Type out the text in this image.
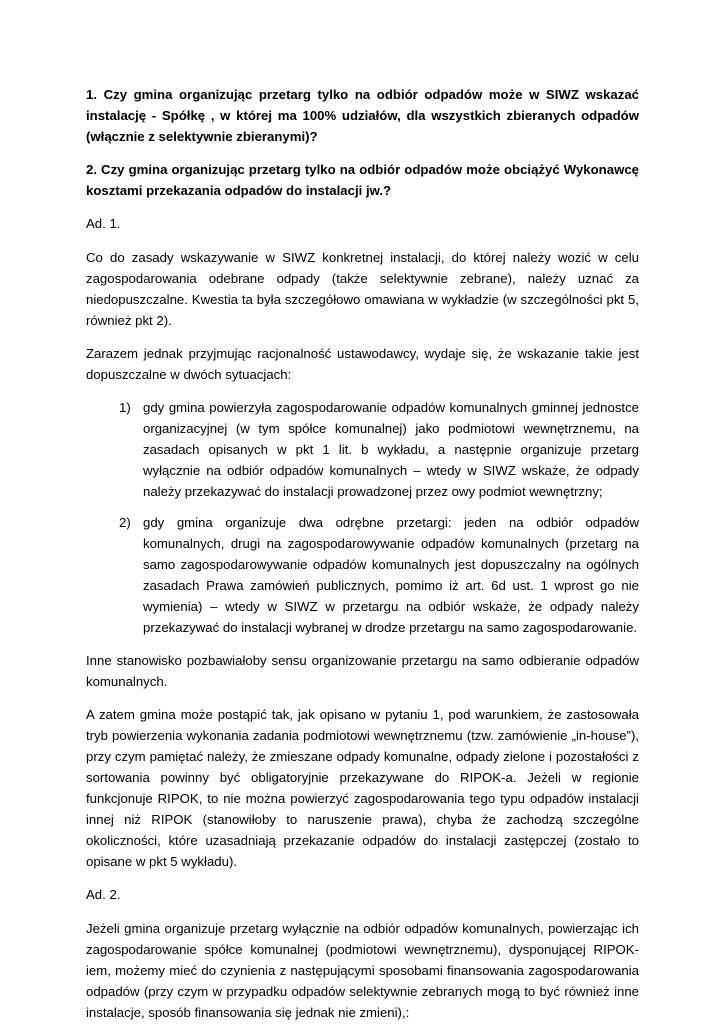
1. Czy gmina organizując przetarg tylko na odbiór odpadów może w SIWZ wskazać instalację - Spółkę , w której ma 100% udziałów, dla wszystkich zbieranych odpadów (włącznie z selektywnie zbieranymi)?

2. Czy gmina organizując przetarg tylko na odbiór odpadów może obciążyć Wykonawcę kosztami przekazania odpadów do instalacji jw.?

Ad. 1.

Co do zasady wskazywanie w SIWZ konkretnej instalacji, do której należy wozić w celu zagospodarowania odebrane odpady (także selektywnie zebrane), należy uznać za niedopuszczalne. Kwestia ta była szczegółowo omawiana w wykładzie (w szczególności pkt 5, również pkt 2).

Zarazem jednak przyjmując racjonalność ustawodawcy, wydaje się, że wskazanie takie jest dopuszczalne w dwóch sytuacjach:

1) gdy gmina powierzyła zagospodarowanie odpadów komunalnych gminnej jednostce organizacyjnej (w tym spółce komunalnej) jako podmiotowi wewnętrznemu, na zasadach opisanych w pkt 1 lit. b wykładu, a następnie organizuje przetarg wyłącznie na odbiór odpadów komunalnych – wtedy w SIWZ wskaże, że odpady należy przekazywać do instalacji prowadzonej przez owy podmiot wewnętrzny;
2) gdy gmina organizuje dwa odrębne przetargi: jeden na odbiór odpadów komunalnych, drugi na zagospodarowywanie odpadów komunalnych (przetarg na samo zagospodarowywanie odpadów komunalnych jest dopuszczalny na ogólnych zasadach Prawa zamówień publicznych, pomimo iż art. 6d ust. 1 wprost go nie wymienia) – wtedy w SIWZ w przetargu na odbiór wskaże, że odpady należy przekazywać do instalacji wybranej w drodze przetargu na samo zagospodarowanie.

Inne stanowisko pozbawiałoby sensu organizowanie przetargu na samo odbieranie odpadów komunalnych.

A zatem gmina może postąpić tak, jak opisano w pytaniu 1, pod warunkiem, że zastosowała tryb powierzenia wykonania zadania podmiotowi wewnętrznemu (tzw. zamówienie „in-house”), przy czym pamiętać należy, że zmieszane odpady komunalne, odpady zielone i pozostałości z sortowania powinny być obligatoryjnie przekazywane do RIPOK-a. Jeżeli w regionie funkcjonuje RIPOK, to nie można powierzyć zagospodarowania tego typu odpadów instalacji innej niż RIPOK (stanowiłoby to naruszenie prawa), chyba że zachodzą szczególne okoliczności, które uzasadniają przekazanie odpadów do instalacji zastępczej (zostało to opisane w pkt 5 wykładu).

Ad. 2.

Jeżeli gmina organizuje przetarg wyłącznie na odbiór odpadów komunalnych, powierzając ich zagospodarowanie spółce komunalnej (podmiotowi wewnętrznemu), dysponującej RIPOK-iem, możemy mieć do czynienia z następującymi sposobami finansowania zagospodarowania odpadów (przy czym w przypadku odpadów selektywnie zebranych mogą to być również inne instalacje, sposób finansowania się jednak nie zmieni),:
